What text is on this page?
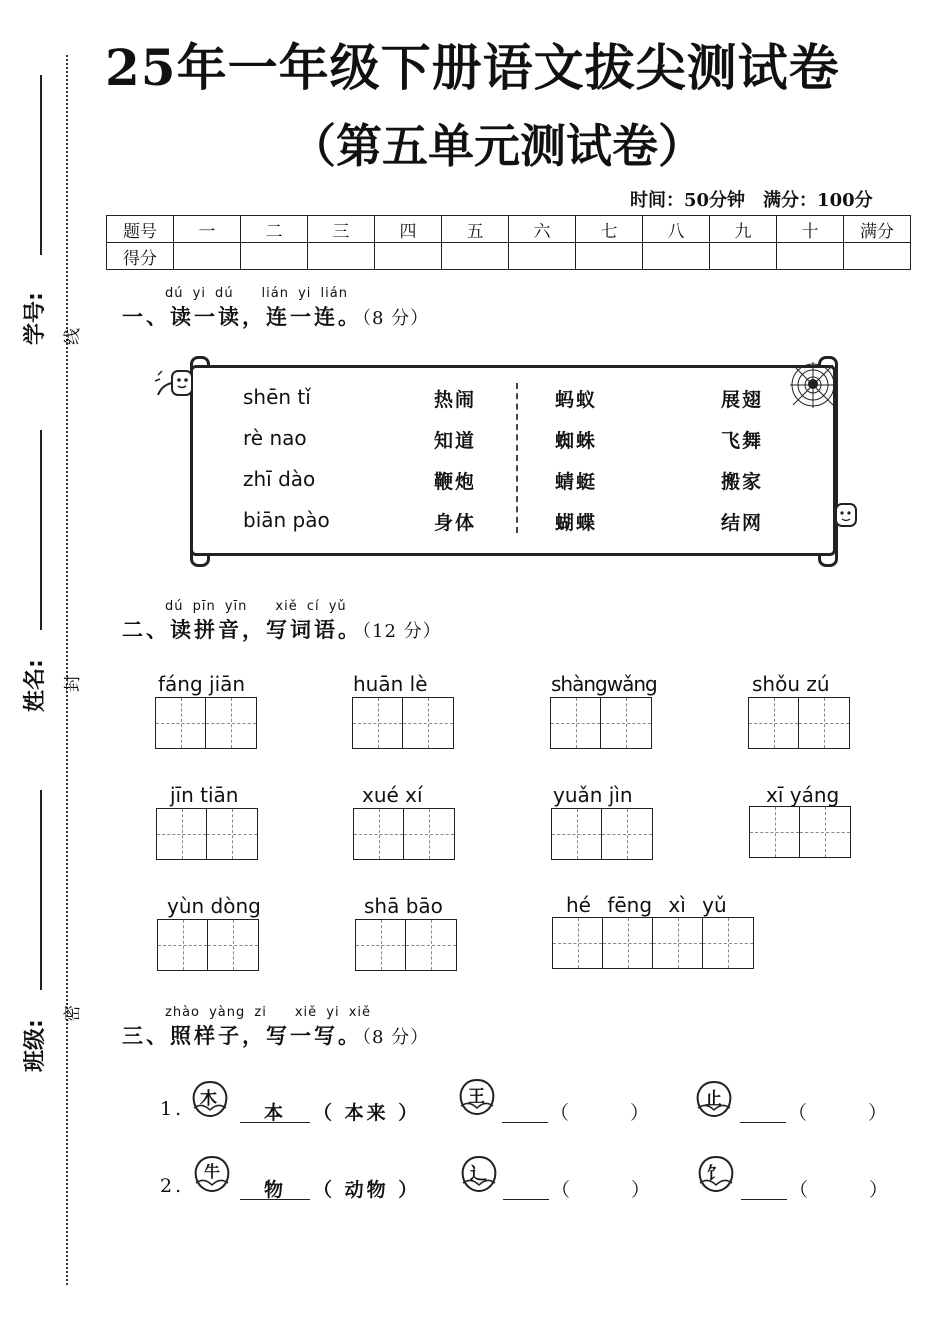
25年一年级下册语文拔尖测试卷
（第五单元测试卷）
时间：50分钟　满分：100分
题号	一	二	三	四	五	六	七	八	九	十	满分
得分											
学号: 线
姓名: 封
班级:
密
dú yi dú　　lián yi lián
一、读一读，连一连。（8 分）
shēn tǐ
rè nao
zhī dào
biān pào
热闹
知道
鞭炮
身体
蚂蚁
蜘蛛
蜻蜓
蝴蝶
展翅
飞舞
搬家
结网
dú pīn yīn　　xiě cí yǔ
二、读拼音，写词语。（12 分）
fáng jiān	huān lè	shàngwǎng	shǒu zú
jīn tiān	xué xí	yuǎn jìn	xī yáng
yùn dòng	shā bāo	hé fēng xì yǔ
zhào yàng zi　　xiě yi xiě
三、照样子，写一写。（8 分）
1. 木
本 （ 本来 ）
王
（	）
止
（	）
2.
牛
物 （ 动物 ）
辶
（	）
饣
（	）
